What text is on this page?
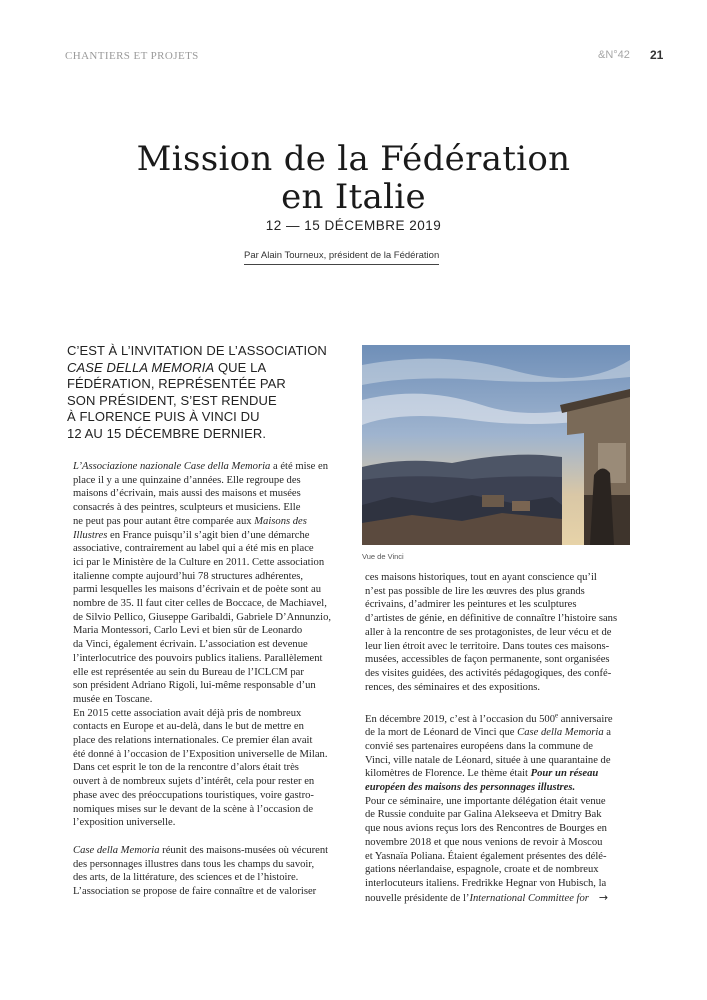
CHANTIERS ET PROJETS	&N°42 21
Mission de la Fédération
en Italie
12 — 15 DÉCEMBRE 2019
Par Alain Tourneux, président de la Fédération
C’EST À L’INVITATION DE L’ASSOCIATION
CASE DELLA MEMORIA QUE LA
FÉDÉRATION, REPRÉSENTÉE PAR
SON PRÉSIDENT, S’EST RENDUE
À FLORENCE PUIS À VINCI DU
12 AU 15 DÉCEMBRE DERNIER.
Vue de Vinci

L’Associazione nazionale Case della Memoria a été mise en
place il y a une quinzaine d’années. Elle regroupe des
maisons d’écrivain, mais aussi des maisons et musées
consacrés à des peintres, sculpteurs et musiciens. Elle
ne peut pas pour autant être comparée aux Maisons des
Illustres en France puisqu’il s’agit bien d’une démarche
associative, contrairement au label qui a été mis en place
ici par le Ministère de la Culture en 2011. Cette association
italienne compte aujourd’hui 78 structures adhérentes,
parmi lesquelles les maisons d’écrivain et de poète sont au
nombre de 35. Il faut citer celles de Boccace, de Machiavel,
de Silvio Pellico, Giuseppe Garibaldi, Gabriele D’Annunzio,
Maria Montessori, Carlo Levi et bien sûr de Leonardo
da Vinci, également écrivain. L’association est devenue
l’interlocutrice des pouvoirs publics italiens. Parallèlement
elle est représentée au sein du Bureau de l’ICLCM par
son président Adriano Rigoli, lui-même responsable d’un
musée en Toscane.
En 2015 cette association avait déjà pris de nombreux
contacts en Europe et au-delà, dans le but de mettre en
place des relations internationales. Ce premier élan avait
été donné à l’occasion de l’Exposition universelle de Milan.
Dans cet esprit le ton de la rencontre d’alors était très
ouvert à de nombreux sujets d’intérêt, cela pour rester en
phase avec des préoccupations touristiques, voire gastro-
nomiques mises sur le devant de la scène à l’occasion de
l’exposition universelle.

Case della Memoria réunit des maisons-musées où vécurent
des personnages illustres dans tous les champs du savoir,
des arts, de la littérature, des sciences et de l’histoire.
L’association se propose de faire connaître et de valoriser

ces maisons historiques, tout en ayant conscience qu’il
n’est pas possible de lire les œuvres des plus grands
écrivains, d’admirer les peintures et les sculptures
d’artistes de génie, en définitive de connaître l’histoire sans
aller à la rencontre de ses protagonistes, de leur vécu et de
leur lien étroit avec le territoire. Dans toutes ces maisons-
musées, accessibles de façon permanente, sont organisées
des visites guidées, des activités pédagogiques, des confé-
rences, des séminaires et des expositions.

En décembre 2019, c’est à l’occasion du 500e anniversaire
de la mort de Léonard de Vinci que Case della Memoria a
convié ses partenaires européens dans la commune de
Vinci, ville natale de Léonard, située à une quarantaine de
kilomètres de Florence. Le thème était Pour un réseau
européen des maisons des personnages illustres.
Pour ce séminaire, une importante délégation était venue
de Russie conduite par Galina Alekseeva et Dmitry Bak
que nous avions reçus lors des Rencontres de Bourges en
novembre 2018 et que nous venions de revoir à Moscou
et Yasnaïa Poliana. Étaient également présentes des délé-
gations néerlandaise, espagnole, croate et de nombreux
interlocuteurs italiens. Fredrikke Hegnar von Hubisch, la
nouvelle présidente de l’International Committee for →
